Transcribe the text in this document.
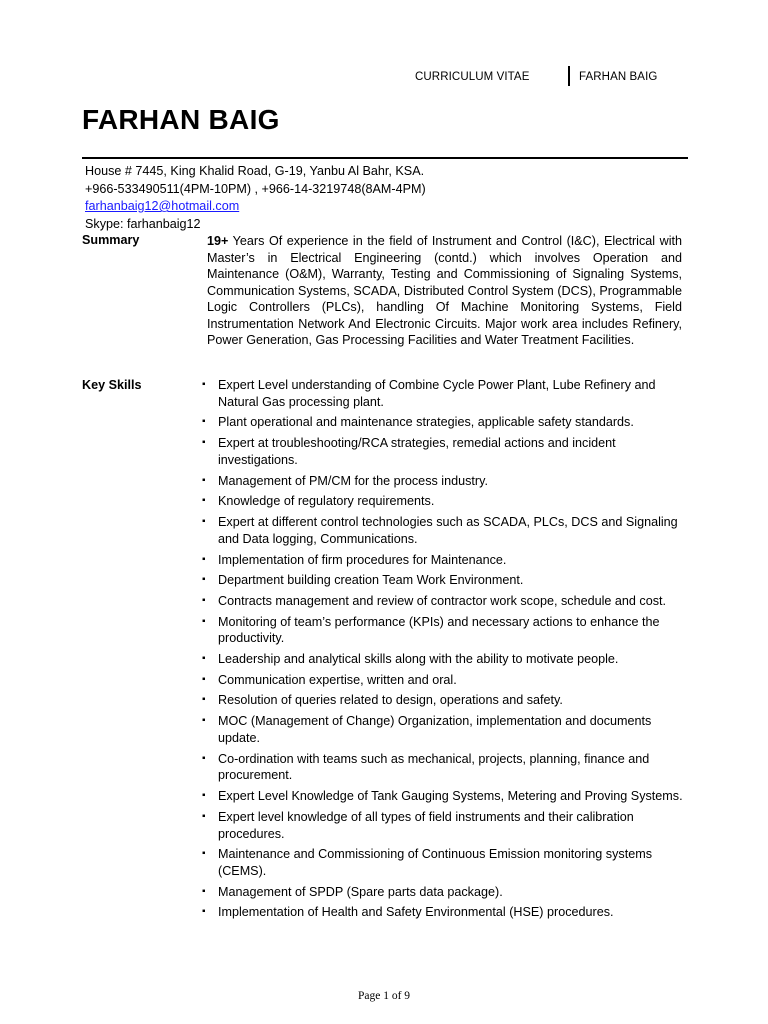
CURRICULUM VITAE	FARHAN BAIG
FARHAN BAIG
House # 7445, King Khalid Road, G-19, Yanbu Al Bahr, KSA.
+966-533490511(4PM-10PM) , +966-14-3219748(8AM-4PM)
farhanbaig12@hotmail.com
Skype: farhanbaig12
Summary	19+ Years Of experience in the field of Instrument and Control (I&C), Electrical with Master’s in Electrical Engineering (contd.) which involves Operation and Maintenance (O&M), Warranty, Testing and Commissioning of Signaling Systems, Communication Systems, SCADA, Distributed Control System (DCS), Programmable Logic Controllers (PLCs), handling Of Machine Monitoring Systems, Field Instrumentation Network And Electronic Circuits. Major work area includes Refinery, Power Generation, Gas Processing Facilities and Water Treatment Facilities.
Key Skills	▪ Expert Level understanding of Combine Cycle Power Plant, Lube Refinery and Natural Gas processing plant.
▪ Plant operational and maintenance strategies, applicable safety standards.
▪ Expert at troubleshooting/RCA strategies, remedial actions and incident investigations.
▪ Management of PM/CM for the process industry.
▪ Knowledge of regulatory requirements.
▪ Expert at different control technologies such as SCADA, PLCs, DCS and Signaling and Data logging, Communications.
▪ Implementation of firm procedures for Maintenance.
▪ Department building creation Team Work Environment.
▪ Contracts management and review of contractor work scope, schedule and cost.
▪ Monitoring of team’s performance (KPIs) and necessary actions to enhance the productivity.
▪ Leadership and analytical skills along with the ability to motivate people.
▪ Communication expertise, written and oral.
▪ Resolution of queries related to design, operations and safety.
▪ MOC (Management of Change) Organization, implementation and documents update.
▪ Co-ordination with teams such as mechanical, projects, planning, finance and procurement.
▪ Expert Level Knowledge of Tank Gauging Systems, Metering and Proving Systems.
▪ Expert level knowledge of all types of field instruments and their calibration procedures.
▪ Maintenance and Commissioning of Continuous Emission monitoring systems (CEMS).
▪ Management of SPDP (Spare parts data package).
▪ Implementation of Health and Safety Environmental (HSE) procedures.
Page 1 of 9
